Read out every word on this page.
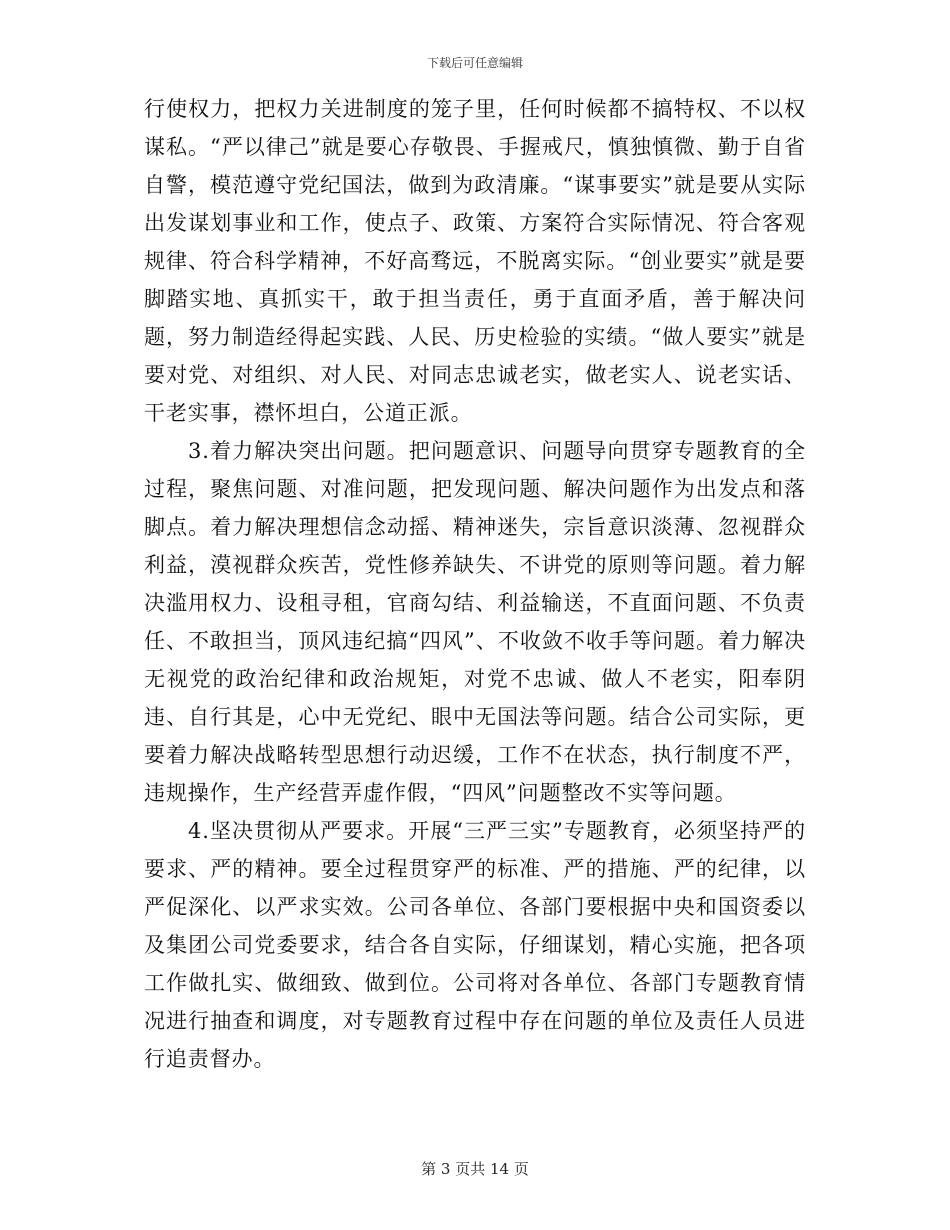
下载后可任意编辑

行使权力，把权力关进制度的笼子里，任何时候都不搞特权、不以权谋私。“严以律己”就是要心存敬畏、手握戒尺，慎独慎微、勤于自省自警，模范遵守党纪国法，做到为政清廉。“谋事要实”就是要从实际出发谋划事业和工作，使点子、政策、方案符合实际情况、符合客观规律、符合科学精神，不好高骛远，不脱离实际。“创业要实”就是要脚踏实地、真抓实干，敢于担当责任，勇于直面矛盾，善于解决问题，努力制造经得起实践、人民、历史检验的实绩。“做人要实”就是要对党、对组织、对人民、对同志忠诚老实，做老实人、说老实话、干老实事，襟怀坦白，公道正派。

3.着力解决突出问题。把问题意识、问题导向贯穿专题教育的全过程，聚焦问题、对准问题，把发现问题、解决问题作为出发点和落脚点。着力解决理想信念动摇、精神迷失，宗旨意识淡薄、忽视群众利益，漠视群众疾苦，党性修养缺失、不讲党的原则等问题。着力解决滥用权力、设租寻租，官商勾结、利益输送，不直面问题、不负责任、不敢担当，顶风违纪搞“四风”、不收敛不收手等问题。着力解决无视党的政治纪律和政治规矩，对党不忠诚、做人不老实，阳奉阴违、自行其是，心中无党纪、眼中无国法等问题。结合公司实际，更要着力解决战略转型思想行动迟缓，工作不在状态，执行制度不严，违规操作，生产经营弄虚作假，“四风”问题整改不实等问题。

4.坚决贯彻从严要求。开展“三严三实”专题教育，必须坚持严的要求、严的精神。要全过程贯穿严的标准、严的措施、严的纪律，以严促深化、以严求实效。公司各单位、各部门要根据中央和国资委以及集团公司党委要求，结合各自实际，仔细谋划，精心实施，把各项工作做扎实、做细致、做到位。公司将对各单位、各部门专题教育情况进行抽查和调度，对专题教育过程中存在问题的单位及责任人员进行追责督办。

第 3 页共 14 页
